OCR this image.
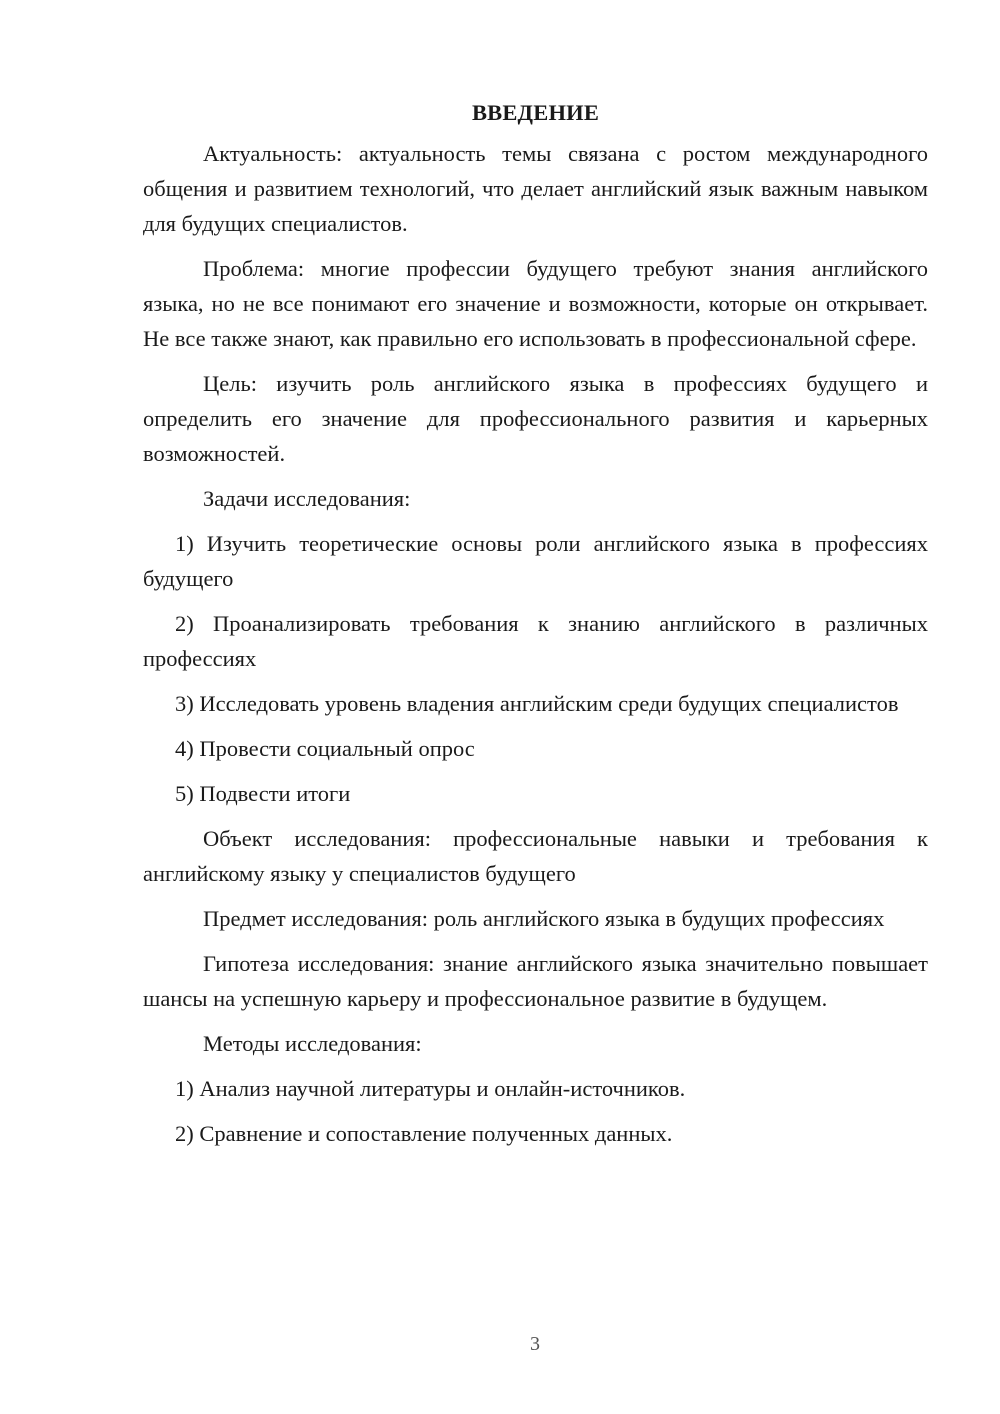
ВВЕДЕНИЕ

Актуальность: актуальность темы связана с ростом международного общения и развитием технологий, что делает английский язык важным навыком для будущих специалистов.

Проблема: многие профессии будущего требуют знания английского языка, но не все понимают его значение и возможности, которые он открывает. Не все также знают, как правильно его использовать в профессиональной сфере.

Цель: изучить роль английского языка в профессиях будущего и определить его значение для профессионального развития и карьерных возможностей.

Задачи исследования:

1) Изучить теоретические основы роли английского языка в профессиях будущего

2) Проанализировать требования к знанию английского в различных профессиях

3) Исследовать уровень владения английским среди будущих специалистов

4) Провести социальный опрос

5) Подвести итоги

Объект исследования: профессиональные навыки и требования к английскому языку у специалистов будущего

Предмет исследования: роль английского языка в будущих профессиях

Гипотеза исследования: знание английского языка значительно повышает шансы на успешную карьеру и профессиональное развитие в будущем.

Методы исследования:

1) Анализ научной литературы и онлайн-источников.

2) Сравнение и сопоставление полученных данных.

3
